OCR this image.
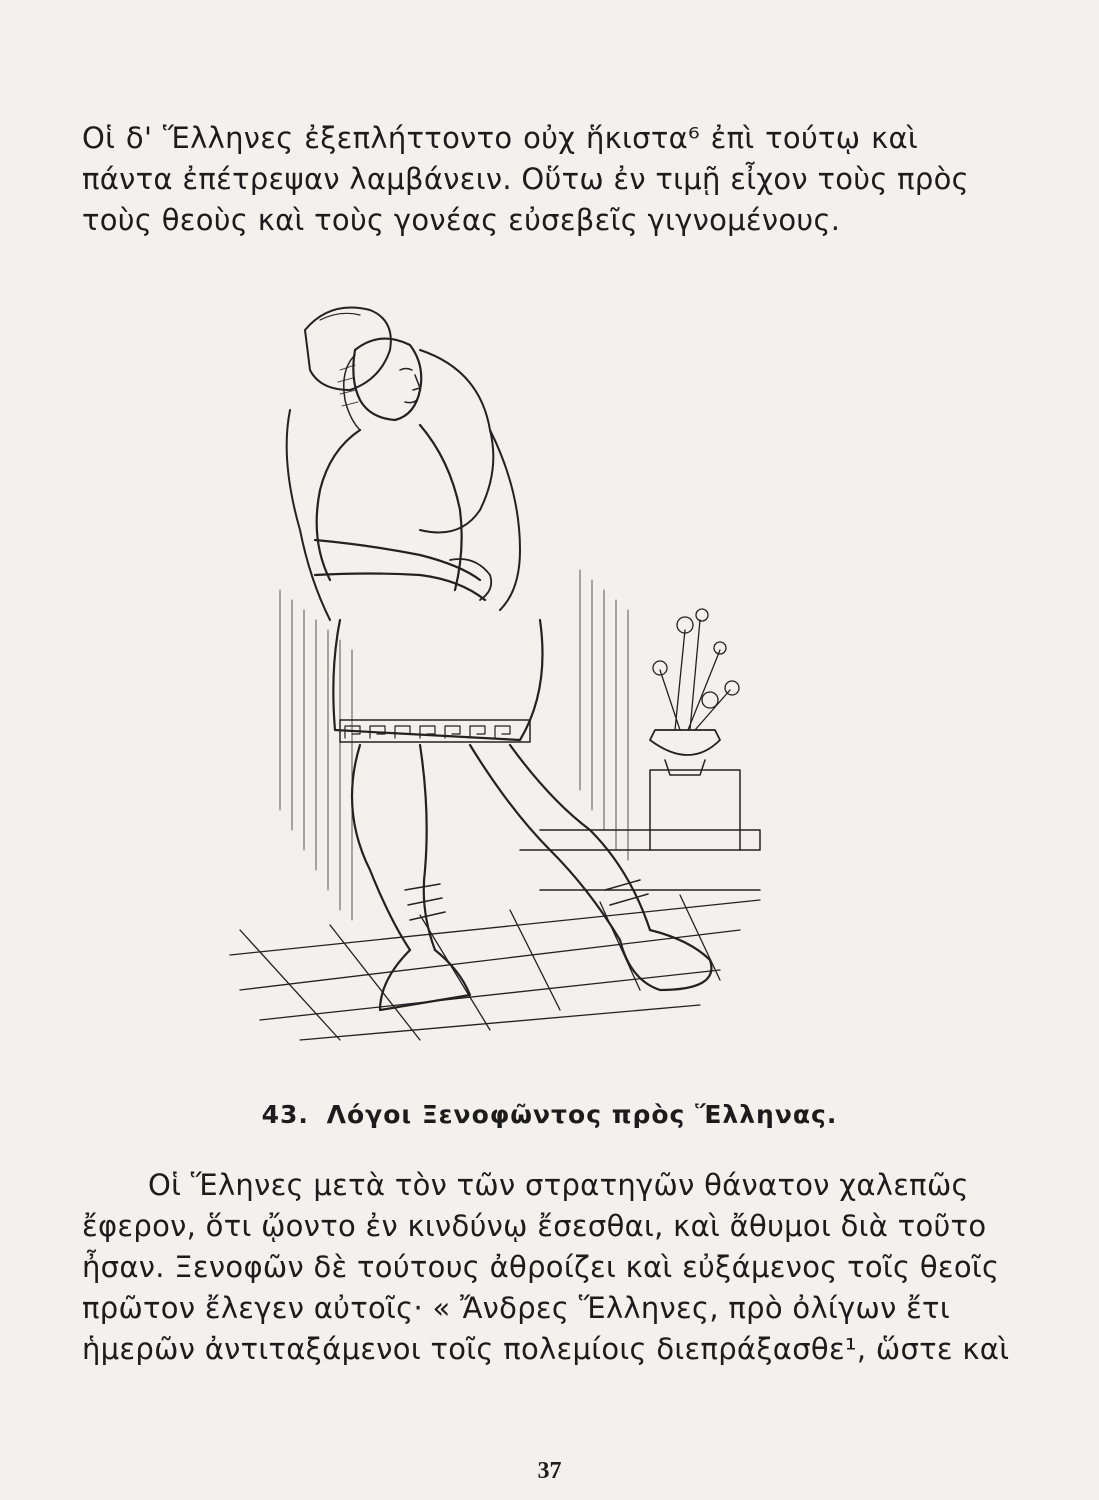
Οἱ δ' Ἕλληνες ἐξεπλήττοντο οὐχ ἥκιστα⁶ ἐπὶ τούτῳ καὶ
πάντα ἐπέτρεψαν λαμβάνειν. Οὕτω ἐν τιμῇ εἶχον τοὺς πρὸς
τοὺς θεοὺς καὶ τοὺς γονέας εὐσεβεῖς γιγνομένους.
43. Λόγοι Ξενοφῶντος πρὸς Ἕλληνας.
Οἱ Ἕληνες μετὰ τὸν τῶν στρατηγῶν θάνατον χαλεπῶς
ἔφερον, ὅτι ᾤοντο ἐν κινδύνῳ ἔσεσθαι, καὶ ἄθυμοι διὰ τοῦτο
ἦσαν. Ξενοφῶν δὲ τούτους ἀθροίζει καὶ εὐξάμενος τοῖς θεοῖς
πρῶτον ἔλεγεν αὐτοῖς· « Ἄνδρες Ἕλληνες, πρὸ ὀλίγων ἔτι
ἡμερῶν ἀντιταξάμενοι τοῖς πολεμίοις διεπράξασθε¹, ὥστε καὶ
37
